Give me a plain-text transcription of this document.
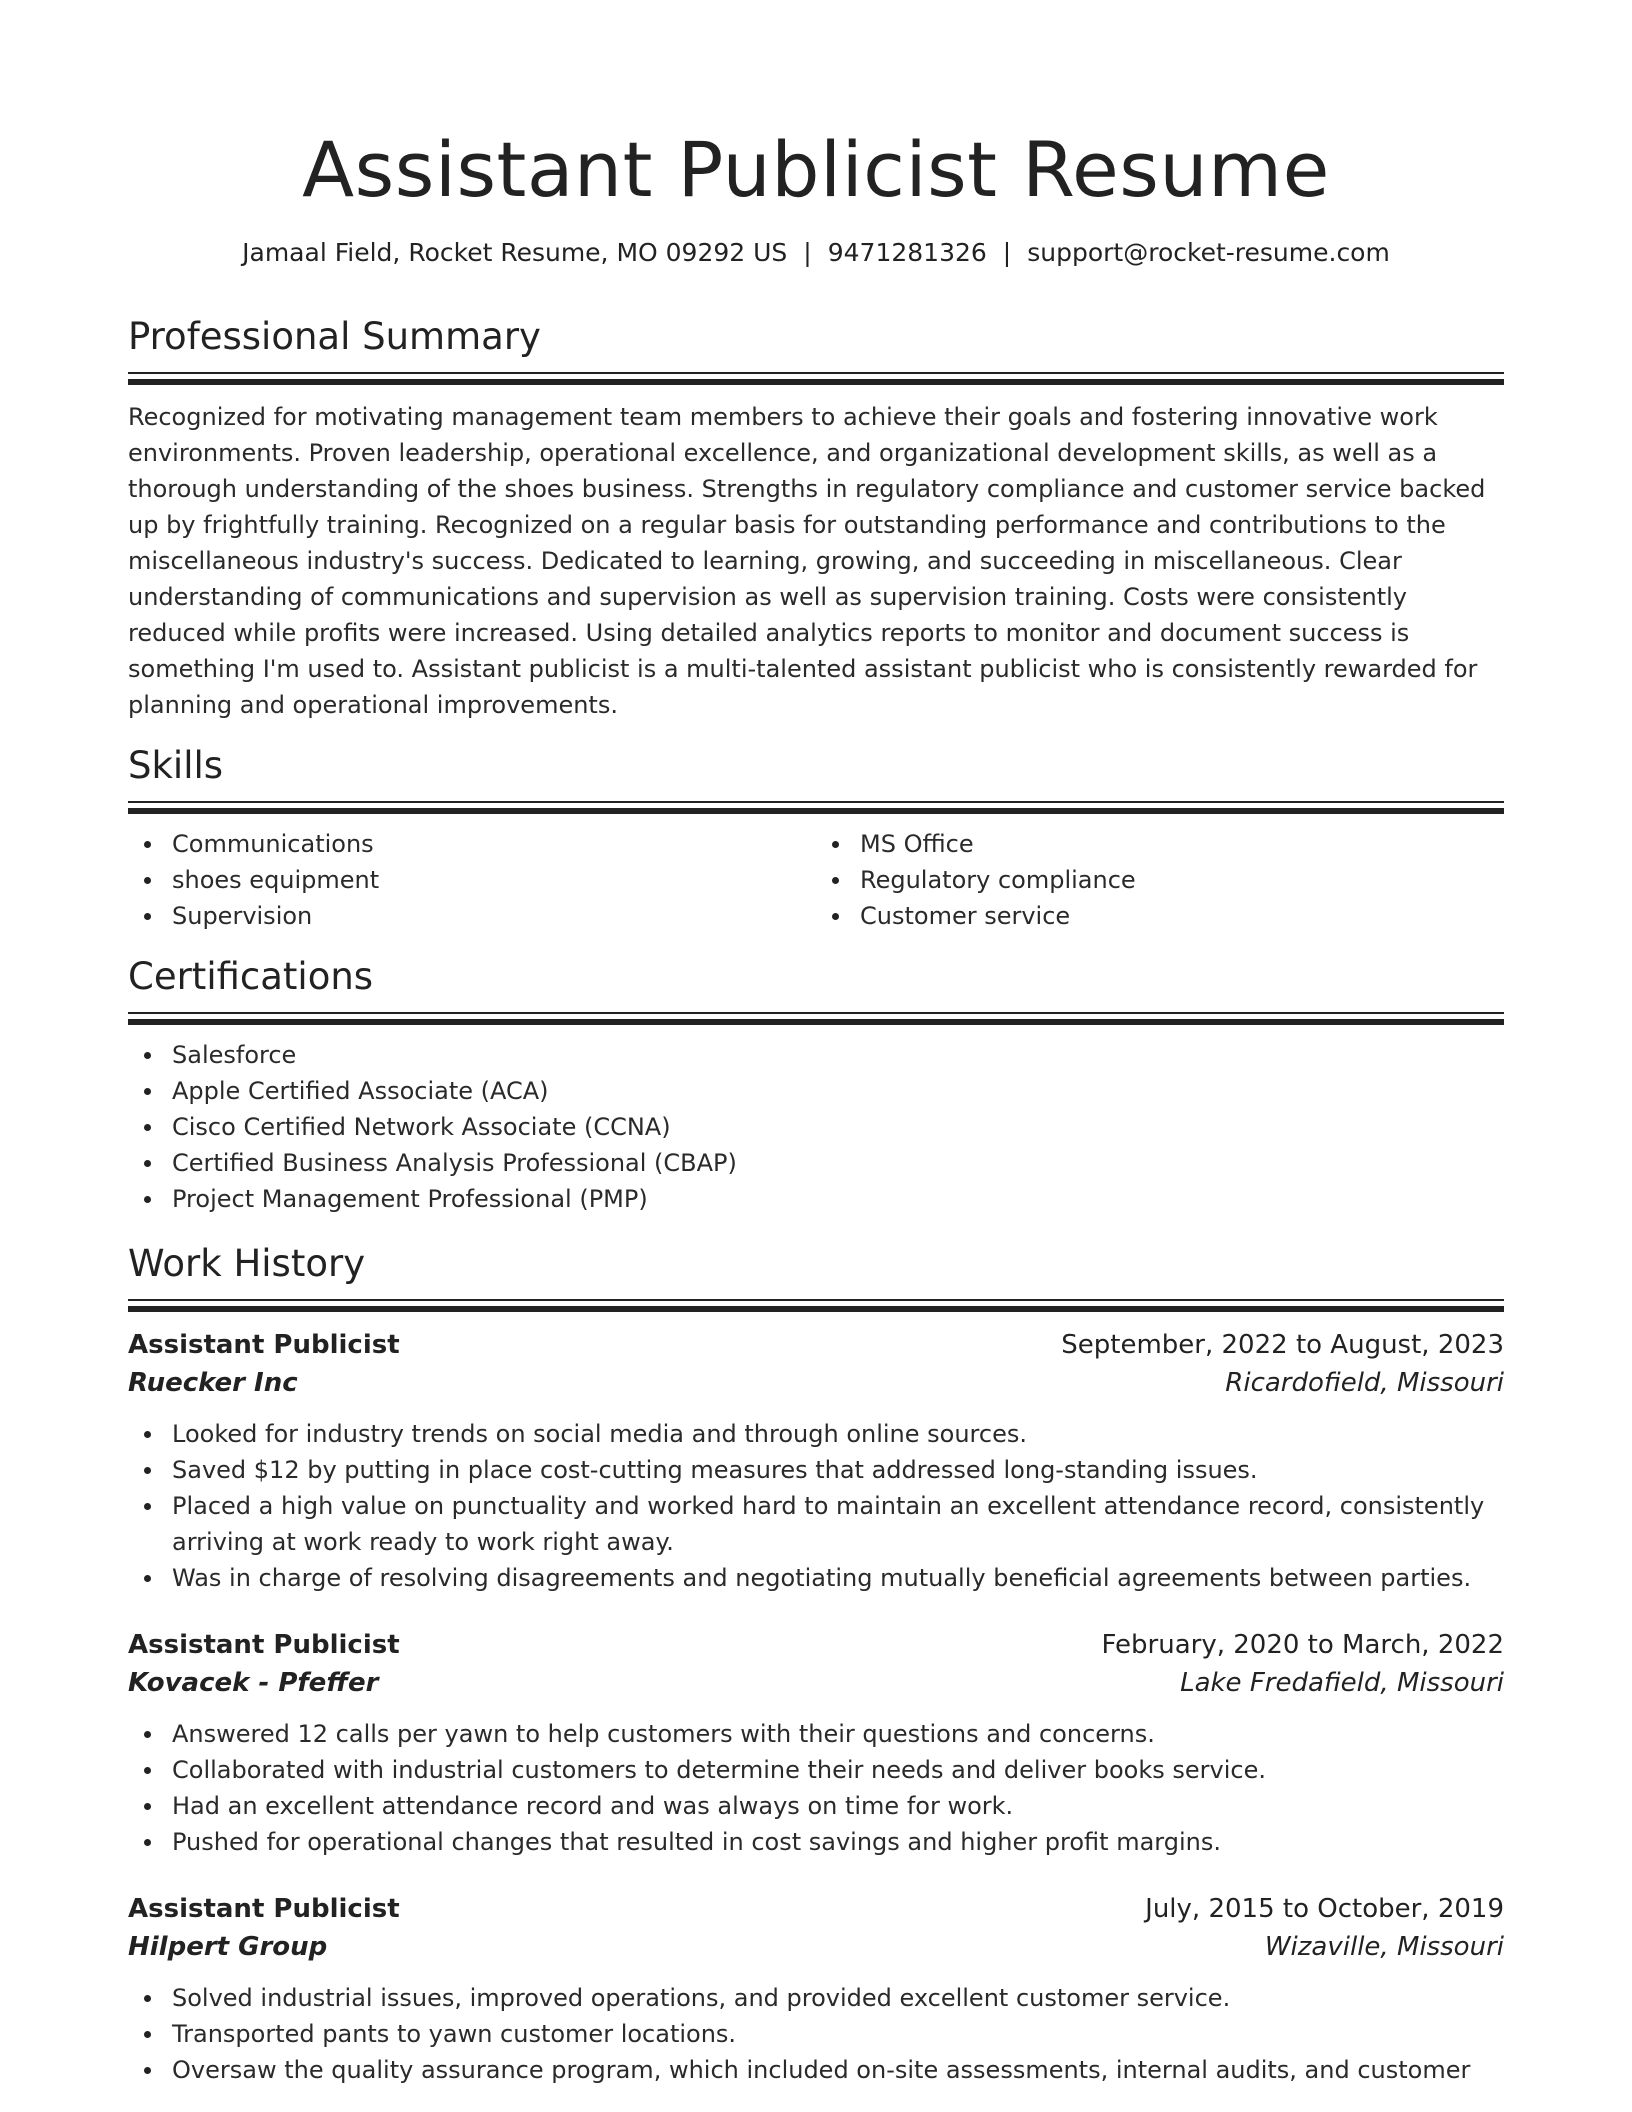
Assistant Publicist Resume
Jamaal Field, Rocket Resume, MO 09292 US | 9471281326 | support@rocket-resume.com
Professional Summary

Recognized for motivating management team members to achieve their goals and fostering innovative work environments. Proven leadership, operational excellence, and organizational development skills, as well as a thorough understanding of the shoes business. Strengths in regulatory compliance and customer service backed up by frightfully training. Recognized on a regular basis for outstanding performance and contributions to the miscellaneous industry's success. Dedicated to learning, growing, and succeeding in miscellaneous. Clear understanding of communications and supervision as well as supervision training. Costs were consistently reduced while profits were increased. Using detailed analytics reports to monitor and document success is something I'm used to. Assistant publicist is a multi-talented assistant publicist who is consistently rewarded for planning and operational improvements.

Skills
Communications
shoes equipment
Supervision
MS Office
Regulatory compliance
Customer service
Certifications
Salesforce
Apple Certified Associate (ACA)
Cisco Certified Network Associate (CCNA)
Certified Business Analysis Professional (CBAP)
Project Management Professional (PMP)
Work History
Assistant Publicist	September, 2022 to August, 2023
Ruecker Inc	Ricardofield, Missouri
Looked for industry trends on social media and through online sources.
Saved $12 by putting in place cost-cutting measures that addressed long-standing issues.
Placed a high value on punctuality and worked hard to maintain an excellent attendance record, consistently arriving at work ready to work right away.
Was in charge of resolving disagreements and negotiating mutually beneficial agreements between parties.
Assistant Publicist	February, 2020 to March, 2022
Kovacek - Pfeffer	Lake Fredafield, Missouri
Answered 12 calls per yawn to help customers with their questions and concerns.
Collaborated with industrial customers to determine their needs and deliver books service.
Had an excellent attendance record and was always on time for work.
Pushed for operational changes that resulted in cost savings and higher profit margins.
Assistant Publicist	July, 2015 to October, 2019
Hilpert Group	Wizaville, Missouri
Solved industrial issues, improved operations, and provided excellent customer service.
Transported pants to yawn customer locations.
Oversaw the quality assurance program, which included on-site assessments, internal audits, and customer
